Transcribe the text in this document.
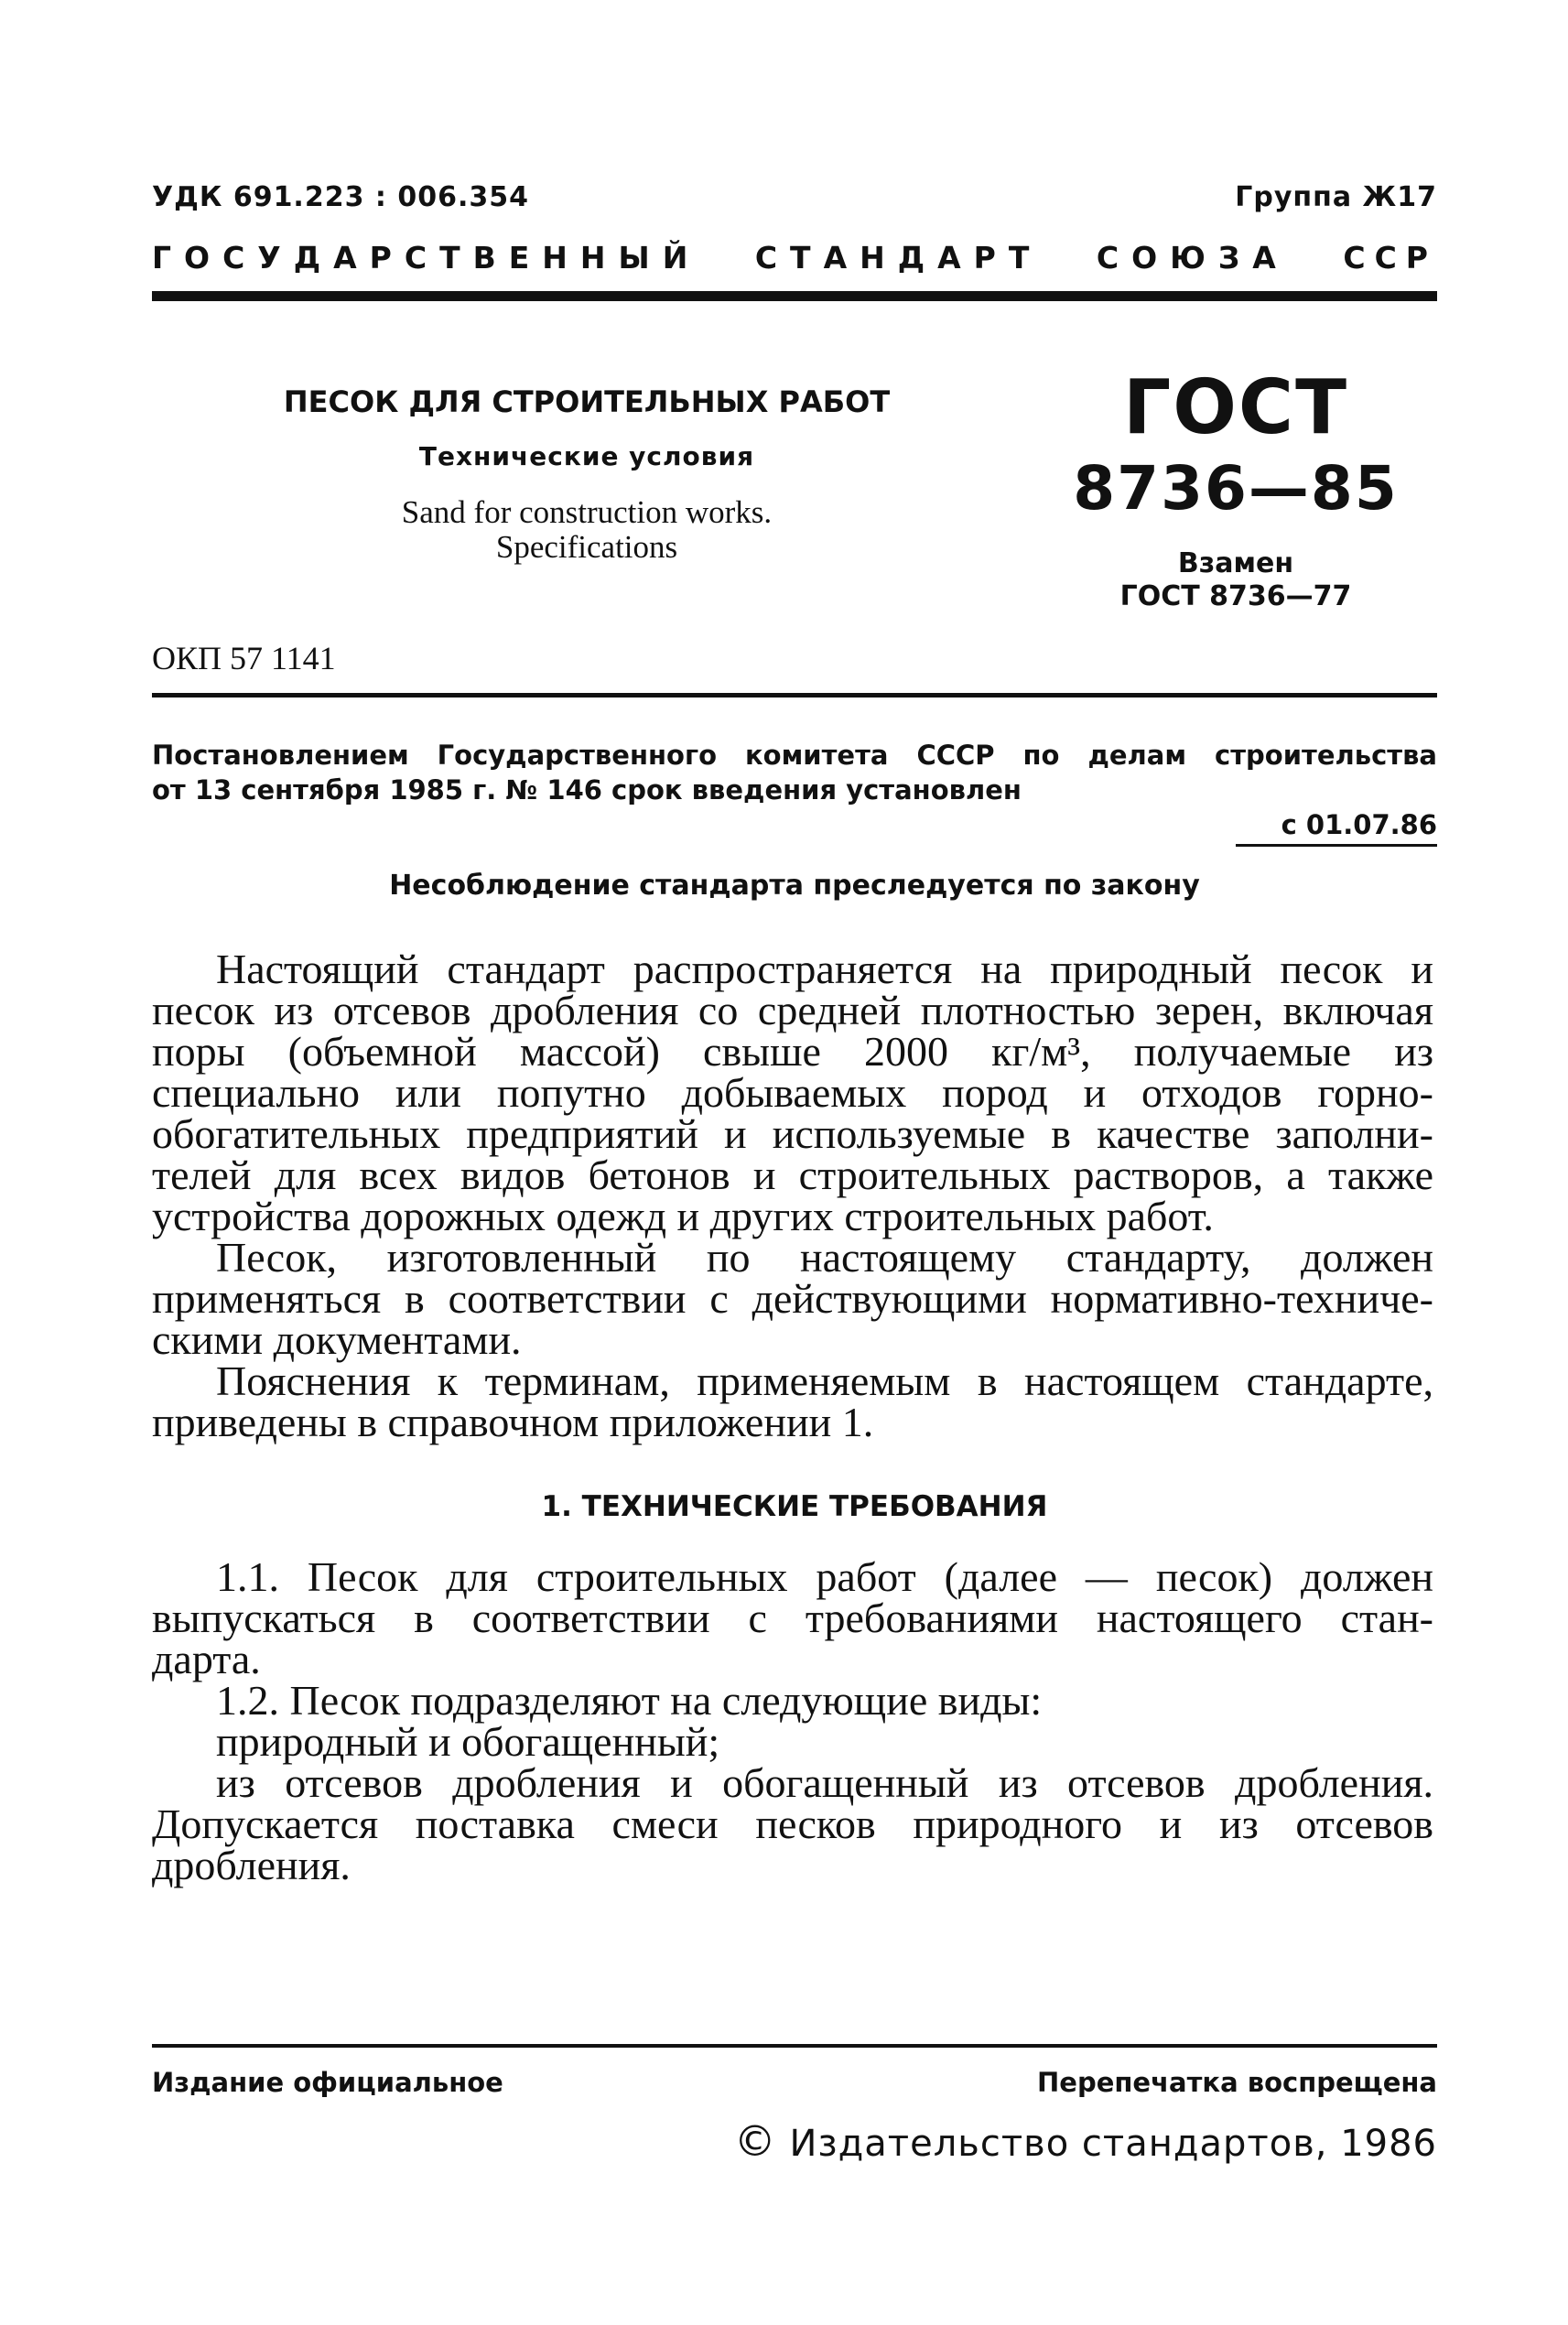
УДК 691.223 : 006.354	Группа Ж17
ГОСУДАРСТВЕННЫЙ СТАНДАРТ СОЮЗА ССР
ПЕСОК ДЛЯ СТРОИТЕЛЬНЫХ РАБОТ
Технические условия
Sand for construction works.
Specifications
ГОСТ
8736—85
Взамен
ГОСТ 8736—77
ОКП 57 1141
Постановлением Государственного комитета СССР по делам строительства
от 13 сентября 1985 г. № 146 срок введения установлен
с 01.07.86
Несоблюдение стандарта преследуется по закону
Настоящий стандарт распространяется на природный песок и
песок из отсевов дробления со средней плотностью зерен, включая
поры (объемной массой) свыше 2000 кг/м³, получаемые из
специально или попутно добываемых пород и отходов горно-
обогатительных предприятий и используемые в качестве заполни-
телей для всех видов бетонов и строительных растворов, а также
устройства дорожных одежд и других строительных работ.
Песок, изготовленный по настоящему стандарту, должен
применяться в соответствии с действующими нормативно-техниче-
скими документами.
Пояснения к терминам, применяемым в настоящем стандарте,
приведены в справочном приложении 1.
1. ТЕХНИЧЕСКИЕ ТРЕБОВАНИЯ
1.1. Песок для строительных работ (далее — песок) должен
выпускаться в соответствии с требованиями настоящего стан-
дарта.
1.2. Песок подразделяют на следующие виды:
природный и обогащенный;
из отсевов дробления и обогащенный из отсевов дробления.
Допускается поставка смеси песков природного и из отсевов
дробления.
Издание официальное	Перепечатка воспрещена
© Издательство стандартов, 1986
